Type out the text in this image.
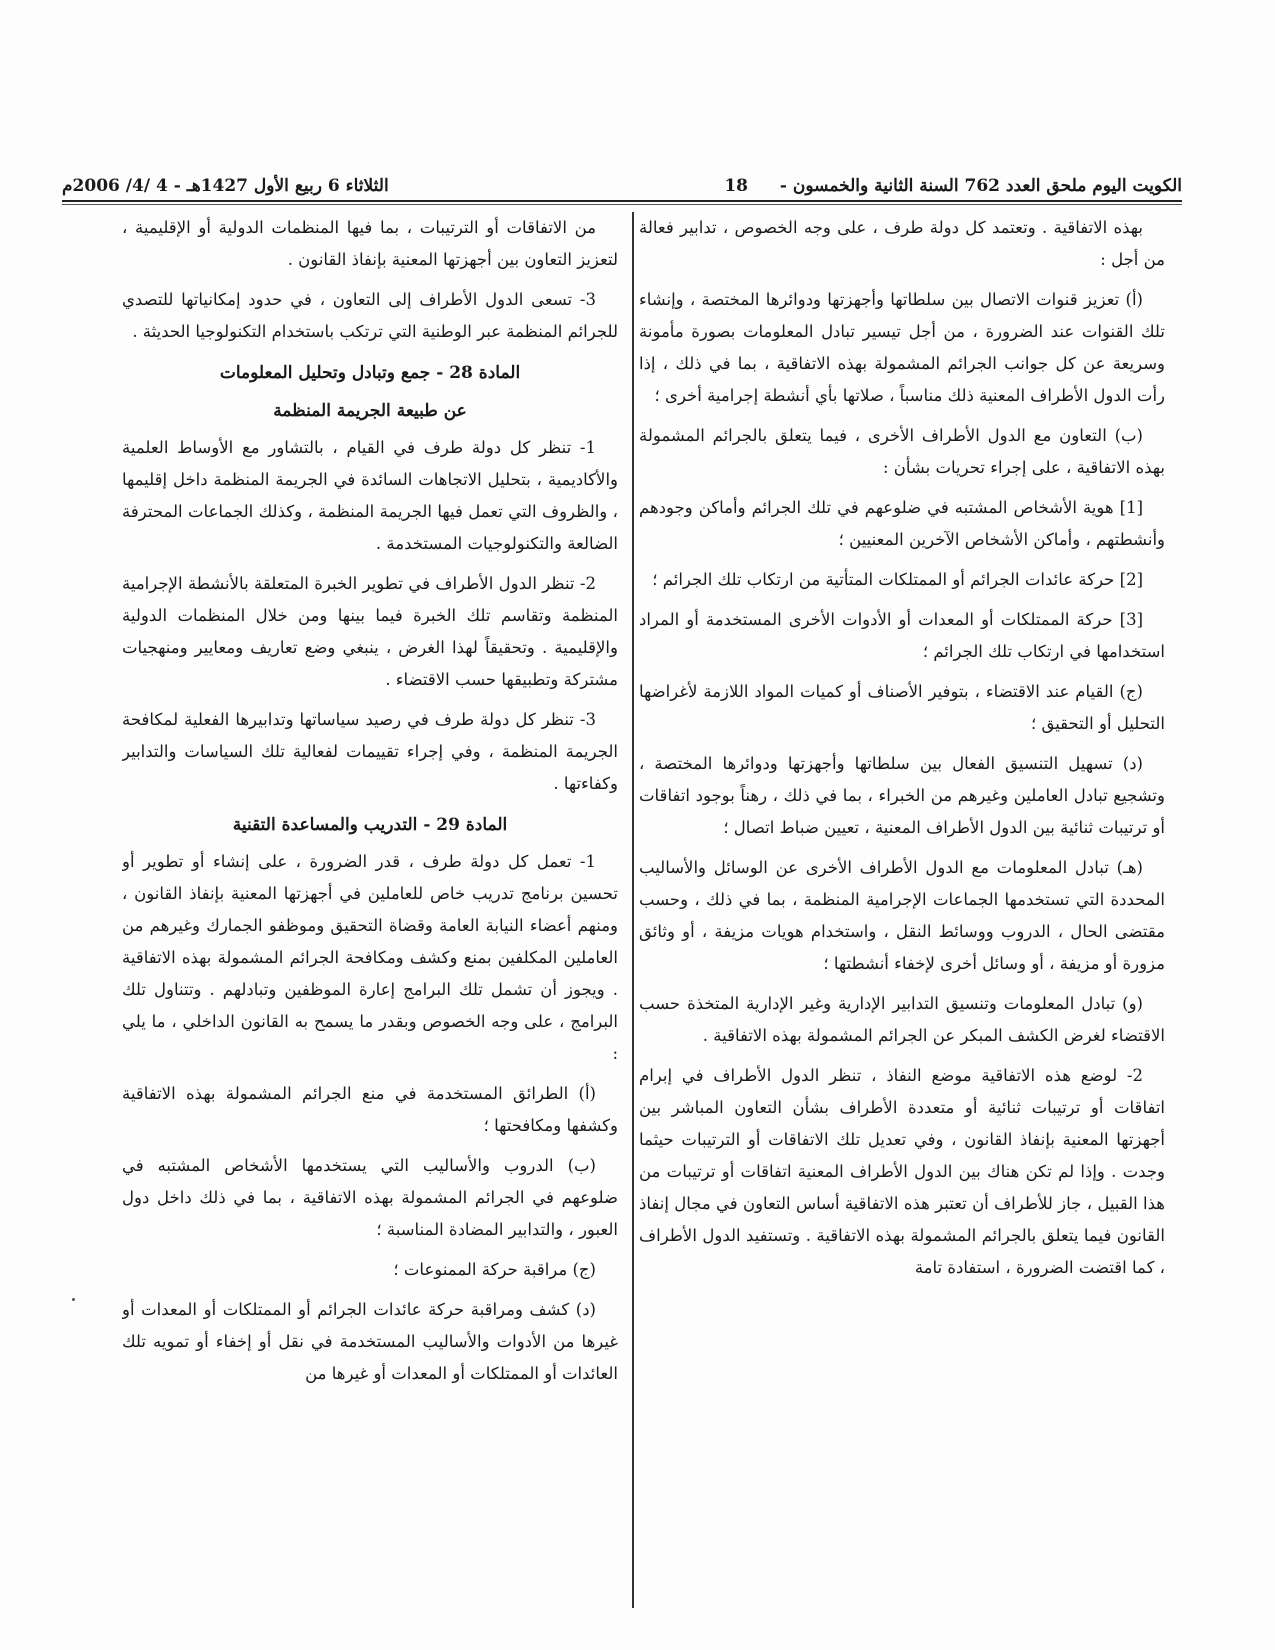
الكويت اليوم ملحق العدد 762 السنة الثانية والخمسون - 18
الثلاثاء 6 ربيع الأول 1427هـ - 4 /4/ 2006م

بهذه الاتفاقية . وتعتمد كل دولة طرف ، على وجه الخصوص ، تدابير فعالة من أجل :

(أ) تعزيز قنوات الاتصال بين سلطاتها وأجهزتها ودوائرها المختصة ، وإنشاء تلك القنوات عند الضرورة ، من أجل تيسير تبادل المعلومات بصورة مأمونة وسريعة عن كل جوانب الجرائم المشمولة بهذه الاتفاقية ، بما في ذلك ، إذا رأت الدول الأطراف المعنية ذلك مناسباً ، صلاتها بأي أنشطة إجرامية أخرى ؛

(ب) التعاون مع الدول الأطراف الأخرى ، فيما يتعلق بالجرائم المشمولة بهذه الاتفاقية ، على إجراء تحريات بشأن :

[1] هوية الأشخاص المشتبه في ضلوعهم في تلك الجرائم وأماكن وجودهم وأنشطتهم ، وأماكن الأشخاص الآخرين المعنيين ؛

[2] حركة عائدات الجرائم أو الممتلكات المتأتية من ارتكاب تلك الجرائم ؛

[3] حركة الممتلكات أو المعدات أو الأدوات الأخرى المستخدمة أو المراد استخدامها في ارتكاب تلك الجرائم ؛

(ج) القيام عند الاقتضاء ، بتوفير الأصناف أو كميات المواد اللازمة لأغراضها التحليل أو التحقيق ؛

(د) تسهيل التنسيق الفعال بين سلطاتها وأجهزتها ودوائرها المختصة ، وتشجيع تبادل العاملين وغيرهم من الخبراء ، بما في ذلك ، رهناً بوجود اتفاقات أو ترتيبات ثنائية بين الدول الأطراف المعنية ، تعيين ضباط اتصال ؛

(هـ) تبادل المعلومات مع الدول الأطراف الأخرى عن الوسائل والأساليب المحددة التي تستخدمها الجماعات الإجرامية المنظمة ، بما في ذلك ، وحسب مقتضى الحال ، الدروب ووسائط النقل ، واستخدام هويات مزيفة ، أو وثائق مزورة أو مزيفة ، أو وسائل أخرى لإخفاء أنشطتها ؛

(و) تبادل المعلومات وتنسيق التدابير الإدارية وغير الإدارية المتخذة حسب الاقتضاء لغرض الكشف المبكر عن الجرائم المشمولة بهذه الاتفاقية .

2- لوضع هذه الاتفاقية موضع النفاذ ، تنظر الدول الأطراف في إبرام اتفاقات أو ترتيبات ثنائية أو متعددة الأطراف بشأن التعاون المباشر بين أجهزتها المعنية بإنفاذ القانون ، وفي تعديل تلك الاتفاقات أو الترتيبات حيثما وجدت . وإذا لم تكن هناك بين الدول الأطراف المعنية اتفاقات أو ترتيبات من هذا القبيل ، جاز للأطراف أن تعتبر هذه الاتفاقية أساس التعاون في مجال إنفاذ القانون فيما يتعلق بالجرائم المشمولة بهذه الاتفاقية . وتستفيد الدول الأطراف ، كما اقتضت الضرورة ، استفادة تامة

من الاتفاقات أو الترتيبات ، بما فيها المنظمات الدولية أو الإقليمية ، لتعزيز التعاون بين أجهزتها المعنية بإنفاذ القانون .

3- تسعى الدول الأطراف إلى التعاون ، في حدود إمكانياتها للتصدي للجرائم المنظمة عبر الوطنية التي ترتكب باستخدام التكنولوجيا الحديثة .

المادة 28 - جمع وتبادل وتحليل المعلومات
عن طبيعة الجريمة المنظمة

1- تنظر كل دولة طرف في القيام ، بالتشاور مع الأوساط العلمية والأكاديمية ، بتحليل الاتجاهات السائدة في الجريمة المنظمة داخل إقليمها ، والظروف التي تعمل فيها الجريمة المنظمة ، وكذلك الجماعات المحترفة الضالعة والتكنولوجيات المستخدمة .

2- تنظر الدول الأطراف في تطوير الخبرة المتعلقة بالأنشطة الإجرامية المنظمة وتقاسم تلك الخبرة فيما بينها ومن خلال المنظمات الدولية والإقليمية . وتحقيقاً لهذا الغرض ، ينبغي وضع تعاريف ومعايير ومنهجيات مشتركة وتطبيقها حسب الاقتضاء .

3- تنظر كل دولة طرف في رصيد سياساتها وتدابيرها الفعلية لمكافحة الجريمة المنظمة ، وفي إجراء تقييمات لفعالية تلك السياسات والتدابير وكفاءتها .

المادة 29 - التدريب والمساعدة التقنية

1- تعمل كل دولة طرف ، قدر الضرورة ، على إنشاء أو تطوير أو تحسين برنامج تدريب خاص للعاملين في أجهزتها المعنية بإنفاذ القانون ، ومنهم أعضاء النيابة العامة وقضاة التحقيق وموظفو الجمارك وغيرهم من العاملين المكلفين بمنع وكشف ومكافحة الجرائم المشمولة بهذه الاتفاقية . ويجوز أن تشمل تلك البرامج إعارة الموظفين وتبادلهم . وتتناول تلك البرامج ، على وجه الخصوص وبقدر ما يسمح به القانون الداخلي ، ما يلي :

(أ) الطرائق المستخدمة في منع الجرائم المشمولة بهذه الاتفاقية وكشفها ومكافحتها ؛

(ب) الدروب والأساليب التي يستخدمها الأشخاص المشتبه في ضلوعهم في الجرائم المشمولة بهذه الاتفاقية ، بما في ذلك داخل دول العبور ، والتدابير المضادة المناسبة ؛

(ج) مراقبة حركة الممنوعات ؛

(د) كشف ومراقبة حركة عائدات الجرائم أو الممتلكات أو المعدات أو غيرها من الأدوات والأساليب المستخدمة في نقل أو إخفاء أو تمويه تلك العائدات أو الممتلكات أو المعدات أو غيرها من
